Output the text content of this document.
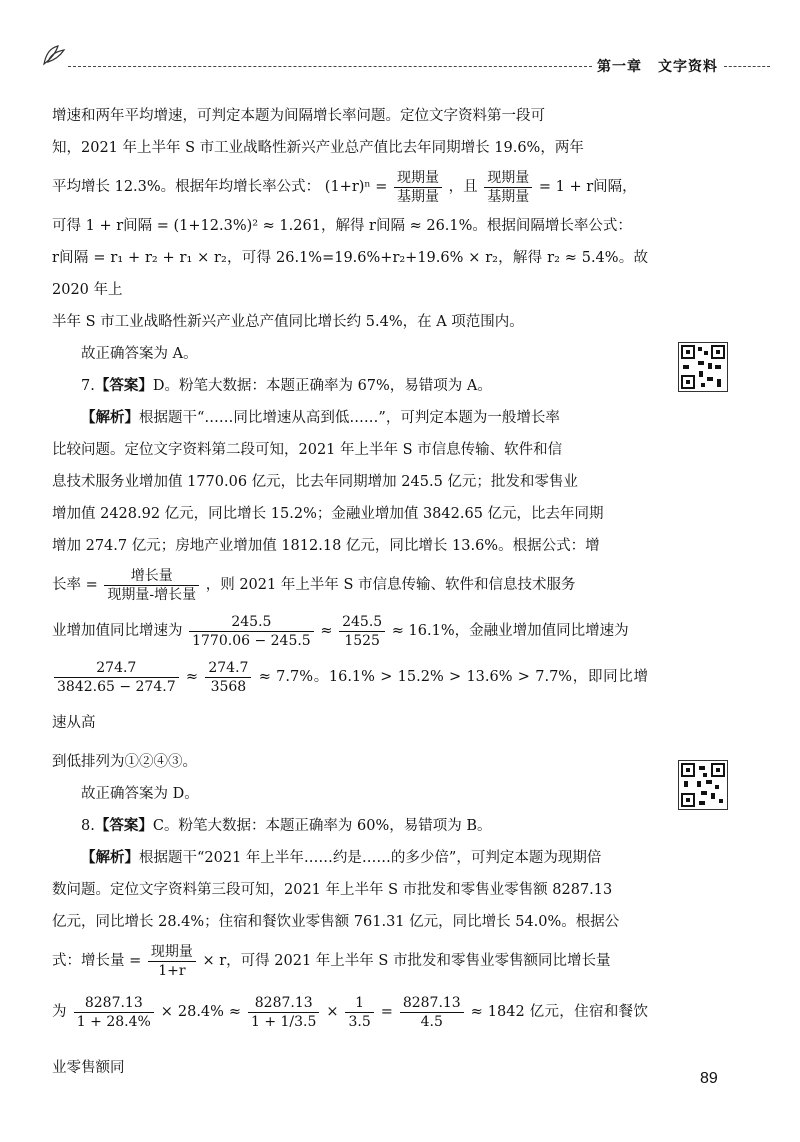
第一章 文字资料

增速和两年平均增速，可判定本题为间隔增长率问题。定位文字资料第一段可

知，2021 年上半年 S 市工业战略性新兴产业总产值比去年同期增长 19.6%，两年

平均增长 12.3%。根据年均增长率公式： $(1+r)^n = \frac{\text{现期量}}{\text{基期量}}$ ，且 $\frac{\text{现期量}}{\text{基期量}} = 1 + r$间隔，

可得 1 + r间隔 = (1+12.3%)² ≈ 1.261，解得 r间隔 ≈ 26.1%。根据间隔增长率公式：

r间隔 = r₁ + r₂ + r₁ × r₂，可得 26.1%=19.6%+r₂+19.6% × r₂，解得 r₂ ≈ 5.4%。故 2020 年上

半年 S 市工业战略性新兴产业总产值同比增长约 5.4%，在 A 项范围内。

故正确答案为 A。

7.【答案】D。粉笔大数据：本题正确率为 67%，易错项为 A。

【解析】根据题干“……同比增速从高到低……”，可判定本题为一般增长率

比较问题。定位文字资料第二段可知，2021 年上半年 S 市信息传输、软件和信

息技术服务业增加值 1770.06 亿元，比去年同期增加 245.5 亿元；批发和零售业

增加值 2428.92 亿元，同比增长 15.2%；金融业增加值 3842.65 亿元，比去年同期

增加 274.7 亿元；房地产业增加值 1812.18 亿元，同比增长 13.6%。根据公式：增

长率 = $\frac{\text{增长量}}{\text{现期量-增长量}}$ ，则 2021 年上半年 S 市信息传输、软件和信息技术服务

业增加值同比增速为 $\frac{245.5}{1770.06 - 245.5} \approx \frac{245.5}{1525} \approx 16.1\%$，金融业增加值同比增速为

$\frac{274.7}{3842.65 - 274.7} \approx \frac{274.7}{3568} \approx 7.7\%$。16.1% > 15.2% > 13.6% > 7.7%，即同比增速从高

到低排列为①②④③。

故正确答案为 D。

8.【答案】C。粉笔大数据：本题正确率为 60%，易错项为 B。

【解析】根据题干“2021 年上半年……约是……的多少倍”，可判定本题为现期倍

数问题。定位文字资料第三段可知，2021 年上半年 S 市批发和零售业零售额 8287.13

亿元，同比增长 28.4%；住宿和餐饮业零售额 761.31 亿元，同比增长 54.0%。根据公

式：增长量 = $\frac{\text{现期量}}{1+r} \times r$，可得 2021 年上半年 S 市批发和零售业零售额同比增长量

为 $\frac{8287.13}{1 + 28.4\%} \times 28.4\% \approx \frac{8287.13}{1 + 1/3.5} \times \frac{1}{3.5} = \frac{8287.13}{4.5} \approx 1842$ 亿元，住宿和餐饮业零售额同

89
